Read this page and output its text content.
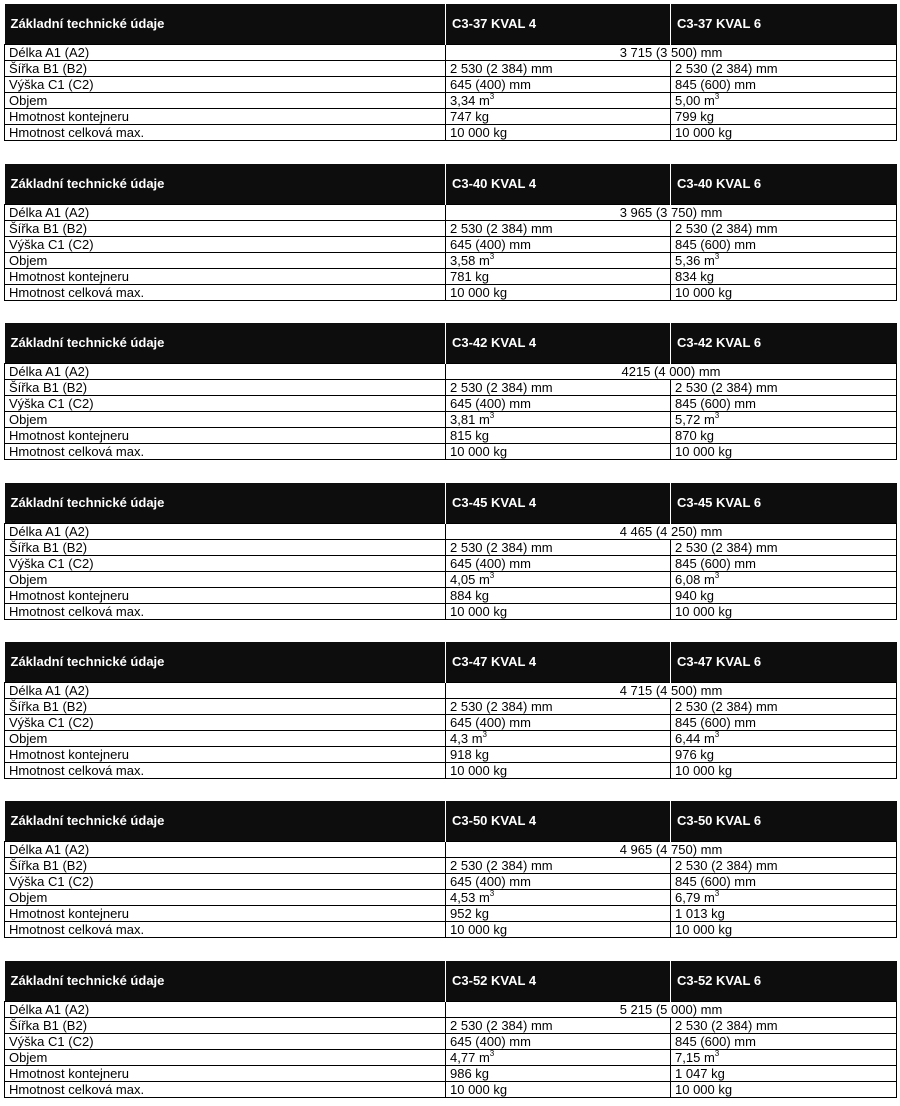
Základní technické údaje	C3-37 KVAL 4	C3-37 KVAL 6
Délka A1 (A2)	3 715 (3 500) mm	
Šířka B1 (B2)	2 530 (2 384) mm	2 530 (2 384) mm
Výška C1 (C2)	645 (400) mm	845 (600) mm
Objem	3,34 $m^3$	5,00 $m^3$
Hmotnost kontejneru	747 kg	799 kg
Hmotnost celková max.	10 000 kg	10 000 kg
Základní technické údaje	C3-40 KVAL 4	C3-40 KVAL 6
Délka A1 (A2)	3 965 (3 750) mm	
Šířka B1 (B2)	2 530 (2 384) mm	2 530 (2 384) mm
Výška C1 (C2)	645 (400) mm	845 (600) mm
Objem	3,58 $m^3$	5,36 $m^3$
Hmotnost kontejneru	781 kg	834 kg
Hmotnost celková max.	10 000 kg	10 000 kg
Základní technické údaje	C3-42 KVAL 4	C3-42 KVAL 6
Délka A1 (A2)	4215 (4 000) mm	
Šířka B1 (B2)	2 530 (2 384) mm	2 530 (2 384) mm
Výška C1 (C2)	645 (400) mm	845 (600) mm
Objem	3,81 $m^3$	5,72 $m^3$
Hmotnost kontejneru	815 kg	870 kg
Hmotnost celková max.	10 000 kg	10 000 kg
Základní technické údaje	C3-45 KVAL 4	C3-45 KVAL 6
Délka A1 (A2)	4 465 (4 250) mm	
Šířka B1 (B2)	2 530 (2 384) mm	2 530 (2 384) mm
Výška C1 (C2)	645 (400) mm	845 (600) mm
Objem	4,05 $m^3$	6,08 $m^3$
Hmotnost kontejneru	884 kg	940 kg
Hmotnost celková max.	10 000 kg	10 000 kg
Základní technické údaje	C3-47 KVAL 4	C3-47 KVAL 6
Délka A1 (A2)	4 715 (4 500) mm	
Šířka B1 (B2)	2 530 (2 384) mm	2 530 (2 384) mm
Výška C1 (C2)	645 (400) mm	845 (600) mm
Objem	4,3 $m^3$	6,44 $m^3$
Hmotnost kontejneru	918 kg	976 kg
Hmotnost celková max.	10 000 kg	10 000 kg
Základní technické údaje	C3-50 KVAL 4	C3-50 KVAL 6
Délka A1 (A2)	4 965 (4 750) mm	
Šířka B1 (B2)	2 530 (2 384) mm	2 530 (2 384) mm
Výška C1 (C2)	645 (400) mm	845 (600) mm
Objem	4,53 $m^3$	6,79 $m^3$
Hmotnost kontejneru	952 kg	1 013 kg
Hmotnost celková max.	10 000 kg	10 000 kg
Základní technické údaje	C3-52 KVAL 4	C3-52 KVAL 6
Délka A1 (A2)	5 215 (5 000) mm	
Šířka B1 (B2)	2 530 (2 384) mm	2 530 (2 384) mm
Výška C1 (C2)	645 (400) mm	845 (600) mm
Objem	4,77 $m^3$	7,15 $m^3$
Hmotnost kontejneru	986 kg	1 047 kg
Hmotnost celková max.	10 000 kg	10 000 kg
